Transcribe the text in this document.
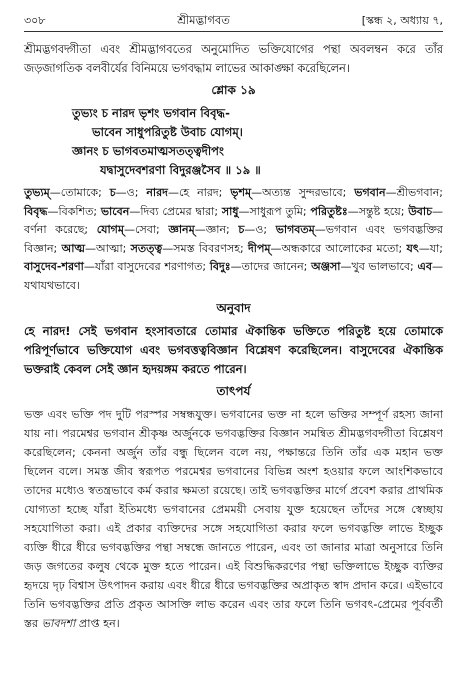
৩০৮	শ্রীমদ্ভাগবত	[স্কন্ধ ২, অধ্যায় ৭,
শ্রীমদ্ভগবদ্গীতা এবং শ্রীমদ্ভাগবতের অনুমোদিত ভক্তিযোগের পন্থা অবলম্বন করে তাঁর জড়জাগতিক বলবীর্যের বিনিময়ে ভগবদ্ধাম লাভের আকাঙ্ক্ষা করেছিলেন।
শ্লোক ১৯
তুভ্যং চ নারদ ভৃশং ভগবান বিবৃদ্ধ-
ভাবেন সাধুপরিতুষ্ট উবাচ যোগম্।
জ্ঞানং চ ভাগবতমাত্মসতত্ত্বদীপং
যদ্বাসুদেবশরণা বিদুরঞ্জসৈব ॥ ১৯ ॥
তুভ্যম্—তোমাকে; চ—ও; নারদ—হে নারদ; ভৃশম্—অত্যন্ত সুন্দরভাবে; ভগবান—শ্রীভগবান; বিবৃদ্ধ—বিকশিত; ভাবেন—দিব্য প্রেমের দ্বারা; সাধু—সাধুরূপ তুমি; পরিতুষ্টঃ—সন্তুষ্ট হয়ে; উবাচ—বর্ণনা করেছে; যোগম্—সেবা; জ্ঞানম্—জ্ঞান; চ—ও; ভাগবতম্—ভগবান এবং ভগবদ্ভক্তির বিজ্ঞান; আত্ম—আত্মা; সতত্ত্ব—সমস্ত বিবরণসহ; দীপম্—অন্ধকারে আলোকের মতো; যৎ—যা; বাসুদেব-শরণা—যাঁরা বাসুদেবের শরণাগত; বিদুঃ—তাদের জানেন; অঞ্জসা—খুব ভালভাবে; এব—যথাযথভাবে।
অনুবাদ
হে নারদ! সেই ভগবান হংসাবতারে তোমার ঐকান্তিক ভক্তিতে পরিতুষ্ট হয়ে তোমাকে পরিপূর্ণভাবে ভক্তিযোগ এবং ভগবত্তত্ববিজ্ঞান বিশ্লেষণ করেছিলেন। বাসুদেবের ঐকান্তিক ভক্তরাই কেবল সেই জ্ঞান হৃদয়ঙ্গম করতে পারেন।
তাৎপর্য
ভক্ত এবং ভক্তি পদ দুটি পরস্পর সম্বন্ধযুক্ত। ভগবানের ভক্ত না হলে ভক্তির সম্পূর্ণ রহস্য জানা যায় না। পরমেশ্বর ভগবান শ্রীকৃষ্ণ অর্জুনকে ভগবদ্ভক্তির বিজ্ঞান সমন্বিত শ্রীমদ্ভগবদ্গীতা বিশ্লেষণ করেছিলেন; কেননা অর্জুন তাঁর বন্ধু ছিলেন বলে নয়, পক্ষান্তরে তিনি তাঁর এক মহান ভক্ত ছিলেন বলে। সমস্ত জীব স্বরূপত পরমেশ্বর ভগবানের বিভিন্ন অংশ হওয়ার ফলে আংশিকভাবে তাদের মধ্যেও স্বতন্ত্রভাবে কর্ম করার ক্ষমতা রয়েছে। তাই ভগবদ্ভক্তির মার্গে প্রবেশ করার প্রাথমিক যোগ্যতা হচ্ছে যাঁরা ইতিমধ্যে ভগবানের প্রেমময়ী সেবায় যুক্ত হয়েছেন তাঁদের সঙ্গে স্বেচ্ছায় সহযোগিতা করা। এই প্রকার ব্যক্তিদের সঙ্গে সহযোগিতা করার ফলে ভগবদ্ভক্তি লাভে ইচ্ছুক ব্যক্তি ধীরে ধীরে ভগবদ্ভক্তির পন্থা সম্বন্ধে জানতে পারেন, এবং তা জানার মাত্রা অনুসারে তিনি জড় জগতের কলুষ থেকে মুক্ত হতে পারেন। এই বিশুদ্ধিকরণের পন্থা ভক্তিলাভে ইচ্ছুক ব্যক্তির হৃদয়ে দৃঢ় বিশ্বাস উৎপাদন করায় এবং ধীরে ধীরে ভগবদ্ভক্তির অপ্রাকৃত স্বাদ প্রদান করে। এইভাবে তিনি ভগবদ্ভক্তির প্রতি প্রকৃত আসক্তি লাভ করেন এবং তার ফলে তিনি ভগবৎ-প্রেমের পূর্ববর্তী স্তর ভাবদশা প্রাপ্ত হন।
